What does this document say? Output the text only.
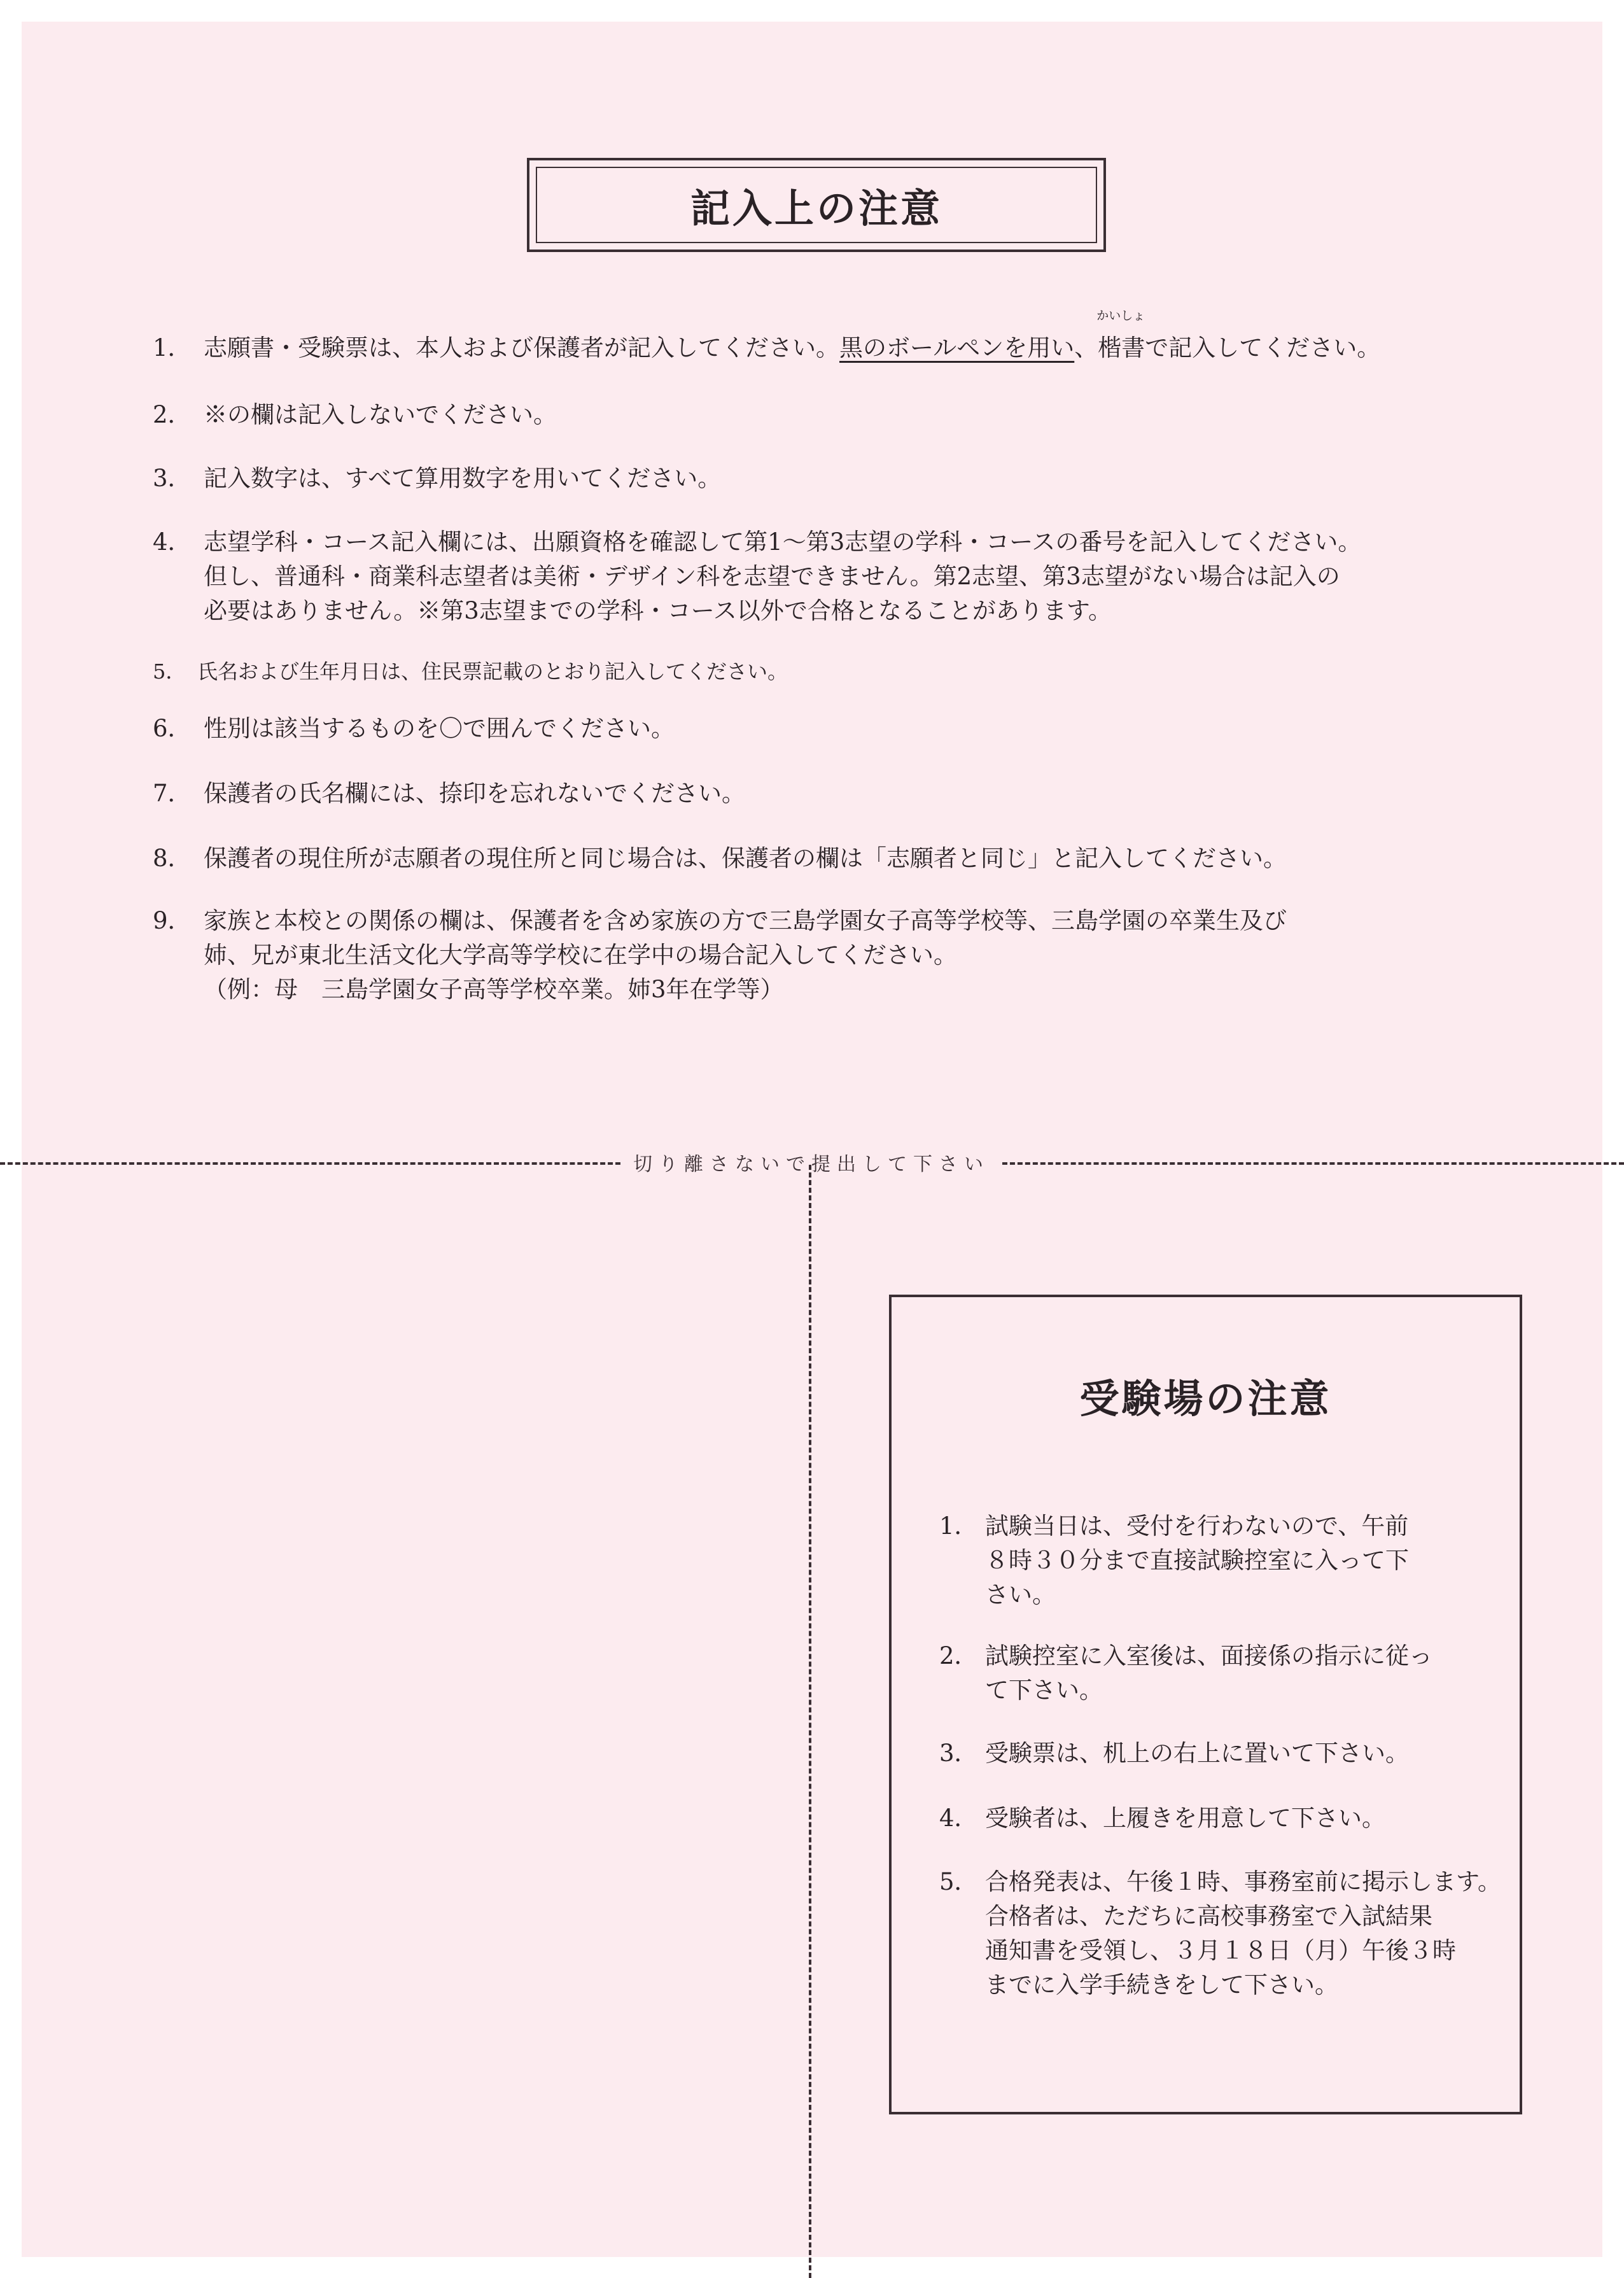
記入上の注意
1． 志願書・受験票は、本人および保護者が記入してください。黒のボールペンを用い、
かいしょ
楷書で記入してください。
2． ※の欄は記入しないでください。
3． 記入数字は、すべて算用数字を用いてください。
4． 志望学科・コース記入欄には、出願資格を確認して第1～第3志望の学科・コースの番号を記入してください。
但し、普通科・商業科志望者は美術・デザイン科を志望できません。第2志望、第3志望がない場合は記入の
必要はありません。※第3志望までの学科・コース以外で合格となることがあります。
5． 氏名および生年月日は、住民票記載のとおり記入してください。
6． 性別は該当するものを〇で囲んでください。
7． 保護者の氏名欄には、捺印を忘れないでください。
8． 保護者の現住所が志願者の現住所と同じ場合は、保護者の欄は「志願者と同じ」と記入してください。
9． 家族と本校との関係の欄は、保護者を含め家族の方で三島学園女子高等学校等、三島学園の卒業生及び
姉、兄が東北生活文化大学高等学校に在学中の場合記入してください。
（例：母　三島学園女子高等学校卒業。姉3年在学等）
切り離さないで提出して下さい
受験場の注意
1． 試験当日は、受付を行わないので、午前
８時３０分まで直接試験控室に入って下
さい。
2． 試験控室に入室後は、面接係の指示に従っ
て下さい。
3． 受験票は、机上の右上に置いて下さい。
4． 受験者は、上履きを用意して下さい。
5． 合格発表は、午後１時、事務室前に掲示します。
合格者は、ただちに高校事務室で入試結果
通知書を受領し、３月１８日（月）午後３時
までに入学手続きをして下さい。
